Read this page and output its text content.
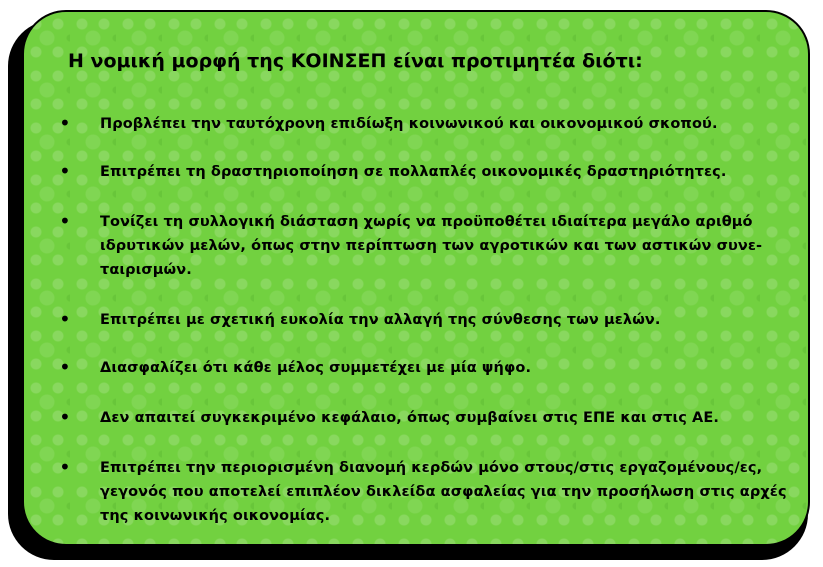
Η νομική μορφή της ΚΟΙΝΣΕΠ είναι προτιμητέα διότι:
• Προβλέπει την ταυτόχρονη επιδίωξη κοινωνικού και οικονομικού σκοπού.
• Επιτρέπει τη δραστηριοποίηση σε πολλαπλές οικονομικές δραστηριότητες.
• Τονίζει τη συλλογική διάσταση χωρίς να προϋποθέτει ιδιαίτερα μεγάλο αριθμό ιδρυτικών μελών, όπως στην περίπτωση των αγροτικών και των αστικών συνε-ταιρισμών.
• Επιτρέπει με σχετική ευκολία την αλλαγή της σύνθεσης των μελών.
• Διασφαλίζει ότι κάθε μέλος συμμετέχει με μία ψήφο.
• Δεν απαιτεί συγκεκριμένο κεφάλαιο, όπως συμβαίνει στις ΕΠΕ και στις ΑΕ.
• Επιτρέπει την περιορισμένη διανομή κερδών μόνο στους/στις εργαζομένους/ες, γεγονός που αποτελεί επιπλέον δικλείδα ασφαλείας για την προσήλωση στις αρχές της κοινωνικής οικονομίας.
